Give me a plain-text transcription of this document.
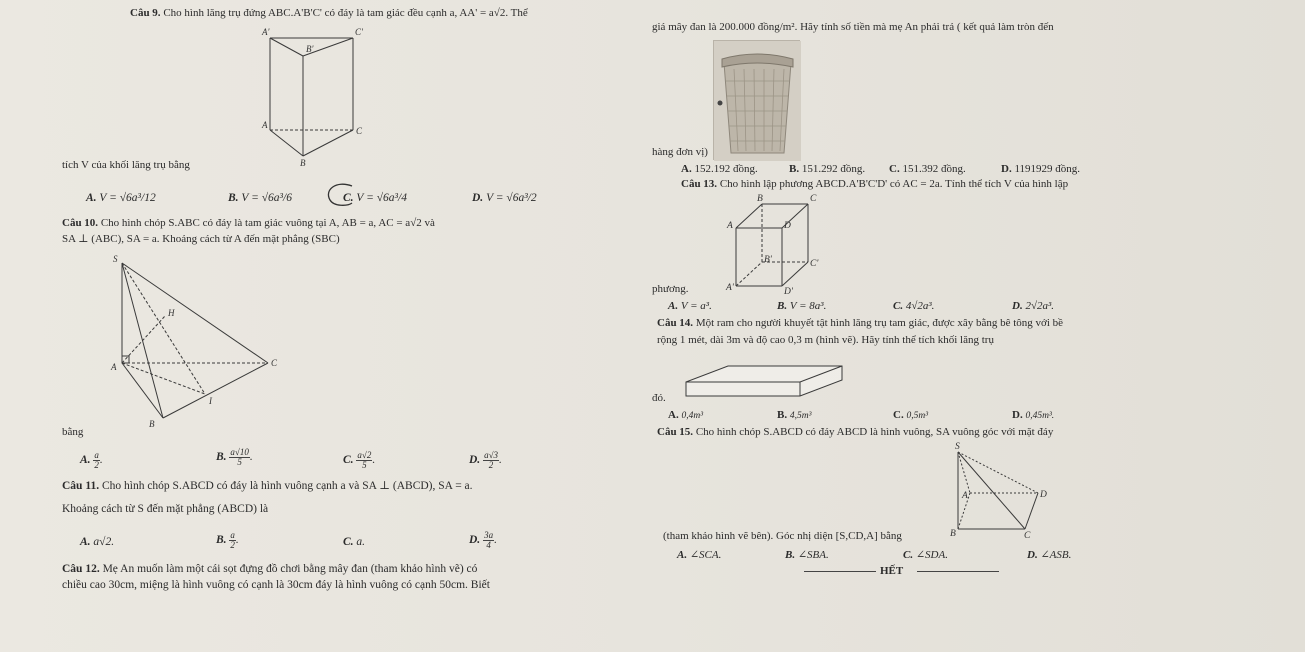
Câu 9. Cho hình lăng trụ đứng ABC.A'B'C' có đáy là tam giác đều cạnh a, AA' = a√2. Thể
A'	C'
B'
A
C
B
tích V của khối lăng trụ bằng
A. V = √6a³/12	B. V = √6a³/6	C. V = √6a³/4	D. V = √6a³/2
Câu 10. Cho hình chóp S.ABC có đáy là tam giác vuông tại A, AB = a, AC = a√2 và
SA ⊥ (ABC), SA = a. Khoảng cách từ A đến mặt phẳng (SBC)
S
H
A	C
I
B
bằng
A. $\frac{a}{2}$ .	B. $\frac{a√10}{5}$ .	C. $\frac{a√2}{5}$ .	D. $\frac{a√3}{2}$ .
Câu 11. Cho hình chóp S.ABCD có đáy là hình vuông cạnh a và SA ⊥ (ABCD), SA = a.
Khoảng cách từ S đến mặt phẳng (ABCD) là
A. a√2.	B. $\frac{a}{2}$ .	C. a.	D. $\frac{3a}{4}$ .
Câu 12. Mẹ An muốn làm một cái sọt đựng đồ chơi bằng mây đan (tham khảo hình vẽ) có
chiều cao 30cm, miệng là hình vuông có cạnh là 30cm đáy là hình vuông có cạnh 50cm. Biết
giá mây đan là 200.000 đồng/m². Hãy tính số tiền mà mẹ An phải trả ( kết quả làm tròn đến
hàng đơn vị)
A. 152.192 đồng.	B. 151.292 đồng. C. 151.392 đồng.	D. 1191929 đồng.
Câu 13. Cho hình lập phương ABCD.A'B'C'D' có AC = 2a. Tính thể tích V của hình lập
B	C
A	D
B'	C'
A'	D'
phương.
A. V = a³.	B. V = 8a³.	C. 4√2a³.	D. 2√2a³.
Câu 14. Một ram cho người khuyết tật hình lăng trụ tam giác, được xây bằng bê tông với bề
rộng 1 mét, dài 3m và độ cao 0,3 m (hình vẽ). Hãy tính thể tích khối lăng trụ
đó.
A. 0,4m³	B. 4,5m³	C. 0,5m³	D. 0,45m³.
Câu 15. Cho hình chóp S.ABCD có đáy ABCD là hình vuông, SA vuông góc với mặt đáy
S
A	D
B	C
(tham khảo hình vẽ bên). Góc nhị diện [S,CD,A] bằng
A. ∠SCA.	B. ∠SBA.	C. ∠SDA.	D. ∠ASB.
HẾT
